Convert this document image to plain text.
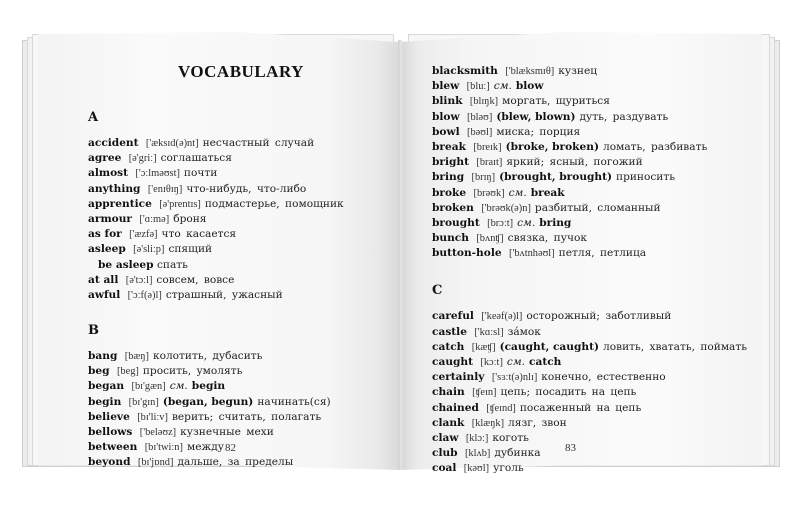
VOCABULARY
A
accident ['æksɪd(ə)nt] несчастный случай
agree [ə'griː] соглашаться
almost ['ɔːlməʊst] почти
anything ['enɪθɪŋ] что-нибудь, что-либо
apprentice [ə'prentɪs] подмастерье, помощник
armour ['ɑːmə] броня
as for ['æzfə] что касается
asleep [ə'sliːp] спящий
be asleep спать
at all [ə'tɔːl] совсем, вовсе
awful ['ɔːf(ə)l] страшный, ужасный
B
bang [bæŋ] колотить, дубасить
beg [beg] просить, умолять
began [bɪ'gæn] см. begin
begin [bɪ'gɪn] (began, begun) начинать(ся)
believe [bɪ'liːv] верить; считать, полагать
bellows ['beləʊz] кузнечные мехи
between [bɪ'twiːn] между
beyond [bɪ'jɒnd] дальше, за пределы
82
blacksmith ['blæksmɪθ] кузнец
blew [bluː] см. blow
blink [blɪŋk] моргать, щуриться
blow [bləʊ] (blew, blown) дуть, раздувать
bowl [bəʊl] миска; порция
break [breɪk] (broke, broken) ломать, разбивать
bright [braɪt] яркий; ясный, погожий
bring [brɪŋ] (brought, brought) приносить
broke [brəʊk] см. break
broken ['brəʊk(ə)n] разбитый, сломанный
brought [brɔːt] см. bring
bunch [bʌnʧ] связка, пучок
button-hole ['bʌtnhəʊl] петля, петлица
C
careful ['keəf(ə)l] осторожный; заботливый
castle ['kɑːsl] за́мок
catch [kæʧ] (caught, caught) ловить, хватать, поймать
caught [kɔːt] см. catch
certainly ['sɜːt(ə)nlɪ] конечно, естественно
chain [ʧeɪn] цепь; посадить на цепь
chained [ʧeɪnd] посаженный на цепь
clank [klæŋk] лязг, звон
claw [klɔː] коготь
club [klʌb] дубинка
coal [kəʊl] уголь
83
